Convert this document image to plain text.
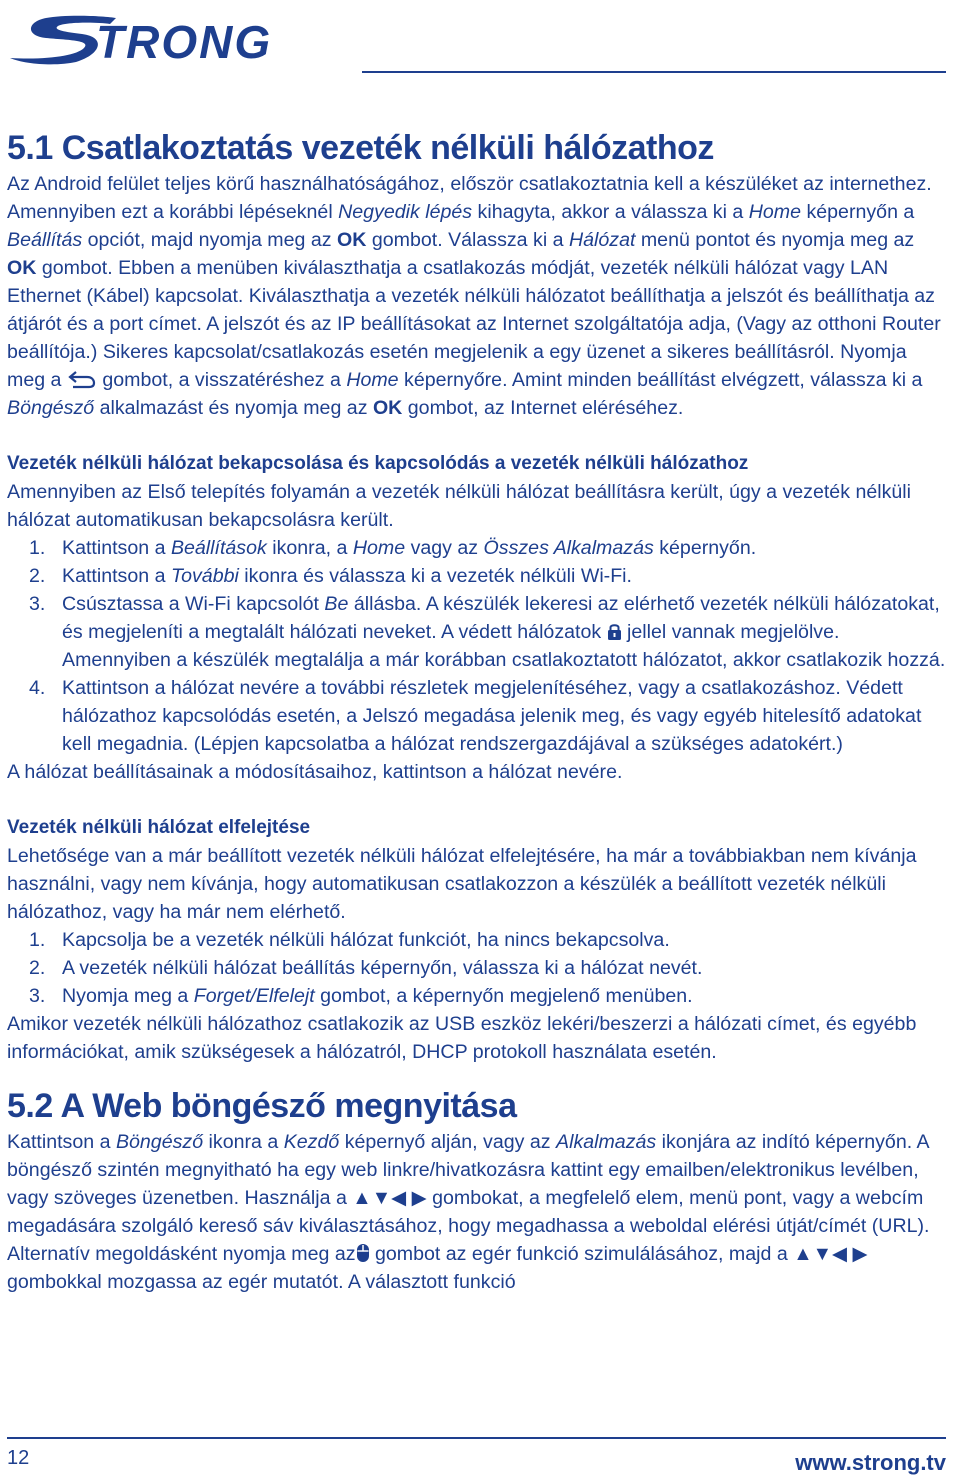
TRONG
5.1 Csatlakoztatás vezeték nélküli hálózathoz

Az Android felület teljes körű használhatóságához, először csatlakoztatnia kell a készüléket az internethez. Amennyiben ezt a korábbi lépéseknél Negyedik lépés kihagyta, akkor a válassza ki a Home képernyőn a Beállítás opciót, majd nyomja meg az OK gombot. Válassza ki a Hálózat menü pontot és nyomja meg az OK gombot. Ebben a menüben kiválaszthatja a csatlakozás módját, vezeték nélküli hálózat vagy LAN Ethernet (Kábel) kapcsolat. Kiválaszthatja a vezeték nélküli hálózatot beállíthatja a jelszót és beállíthatja az átjárót és a port címet. A jelszót és az IP beállításokat az Internet szolgáltatója adja, (Vagy az otthoni Router beállítója.) Sikeres kapcsolat/csatlakozás esetén megjelenik a egy üzenet a sikeres beállításról. Nyomja meg a  gombot, a visszatéréshez a Home képernyőre. Amint minden beállítást elvégzett, válassza ki a Böngésző alkalmazást és nyomja meg az OK gombot, az Internet eléréséhez.

Vezeték nélküli hálózat bekapcsolása és kapcsolódás a vezeték nélküli hálózathoz

Amennyiben az Első telepítés folyamán a vezeték nélküli hálózat beállításra került, úgy a vezeték nélküli hálózat automatikusan bekapcsolásra került.

1. Kattintson a Beállítások ikonra, a Home vagy az Összes Alkalmazás képernyőn.
2. Kattintson a További ikonra és válassza ki a vezeték nélküli Wi-Fi.
3. Csúsztassa a Wi-Fi kapcsolót Be állásba. A készülék lekeresi az elérhető vezeték nélküli hálózatokat, és megjeleníti a megtalált hálózati neveket. A védett hálózatok  jellel vannak megjelölve. Amennyiben a készülék megtalálja a már korábban csatlakoztatott hálózatot, akkor csatlakozik hozzá.
4. Kattintson a hálózat nevére a további részletek megjelenítéséhez, vagy a csatlakozáshoz. Védett hálózathoz kapcsolódás esetén, a Jelszó megadása jelenik meg, és vagy egyéb hitelesítő adatokat kell megadnia. (Lépjen kapcsolatba a hálózat rendszergazdájával a szükséges adatokért.)

A hálózat beállításainak a módosításaihoz, kattintson a hálózat nevére.

Vezeték nélküli hálózat elfelejtése

Lehetősége van a már beállított vezeték nélküli hálózat elfelejtésére, ha már a továbbiakban nem kívánja használni, vagy nem kívánja, hogy automatikusan csatlakozzon a készülék a beállított vezeték nélküli hálózathoz, vagy ha már nem elérhető.

1. Kapcsolja be a vezeték nélküli hálózat funkciót, ha nincs bekapcsolva.
2. A vezeték nélküli hálózat beállítás képernyőn, válassza ki a hálózat nevét.
3. Nyomja meg a Forget/Elfelejt gombot, a képernyőn megjelenő menüben.

Amikor vezeték nélküli hálózathoz csatlakozik az USB eszköz lekéri/beszerzi a hálózati címet, és egyébb információkat, amik szükségesek a hálózatról, DHCP protokoll használata esetén.

5.2 A Web böngésző megnyitása

Kattintson a Böngésző ikonra a Kezdő képernyő alján, vagy az Alkalmazás ikonjára az indító képernyőn. A böngésző szintén megnyitható ha egy web linkre/hivatkozásra kattint egy emailben/elektronikus levélben, vagy szöveges üzenetben. Használja a ▲▼◀ ▶ gombokat, a megfelelő elem, menü pont, vagy a webcím megadására szolgáló kereső sáv kiválasztásához, hogy megadhassa a weboldal elérési útját/címét (URL). Alternatív megoldásként nyomja meg az gombot az egér funkció szimulálásához, majd a ▲▼◀ ▶ gombokkal mozgassa az egér mutatót. A választott funkció

12	www.strong.tv
